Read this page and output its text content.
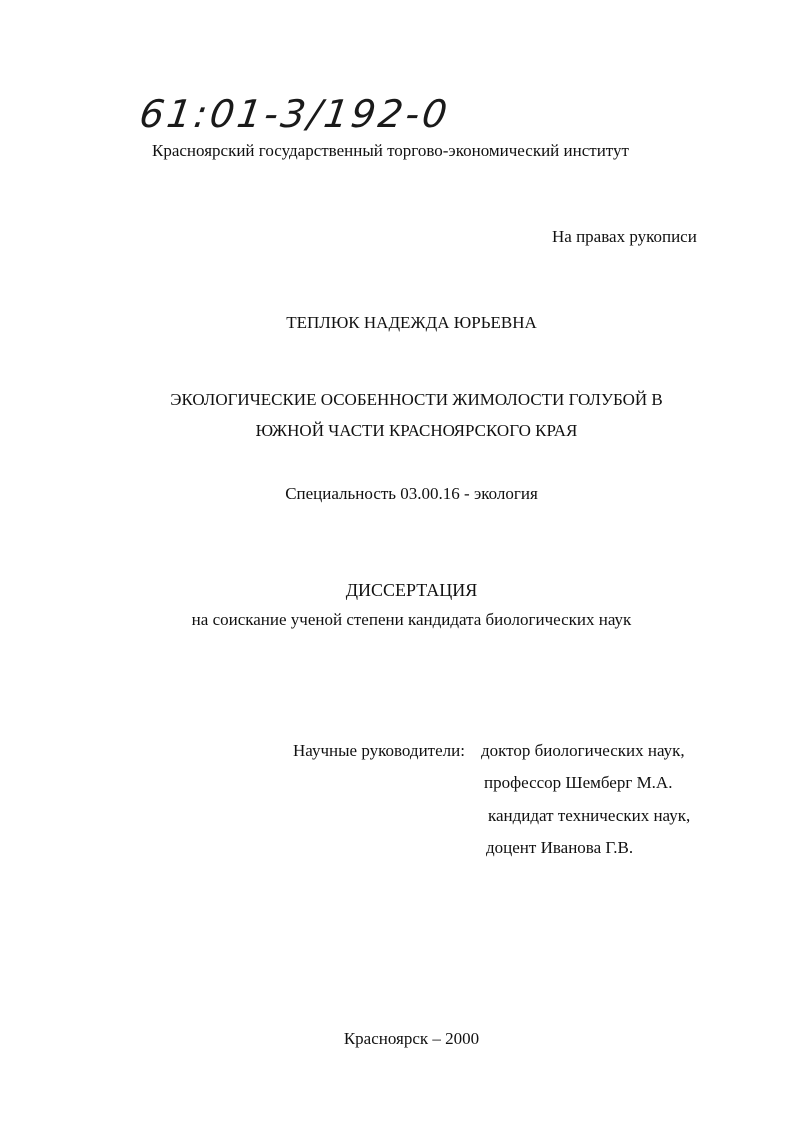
61:01-3/192-0
Красноярский государственный торгово-экономический институт
На правах рукописи
ТЕПЛЮК НАДЕЖДА ЮРЬЕВНА
ЭКОЛОГИЧЕСКИЕ ОСОБЕННОСТИ ЖИМОЛОСТИ ГОЛУБОЙ В
ЮЖНОЙ ЧАСТИ КРАСНОЯРСКОГО КРАЯ
Специальность 03.00.16 - экология
ДИССЕРТАЦИЯ
на соискание ученой степени кандидата биологических наук
Научные руководители: доктор биологических наук,
профессор Шемберг М.А.
кандидат технических наук,
доцент Иванова Г.В.
Красноярск – 2000
